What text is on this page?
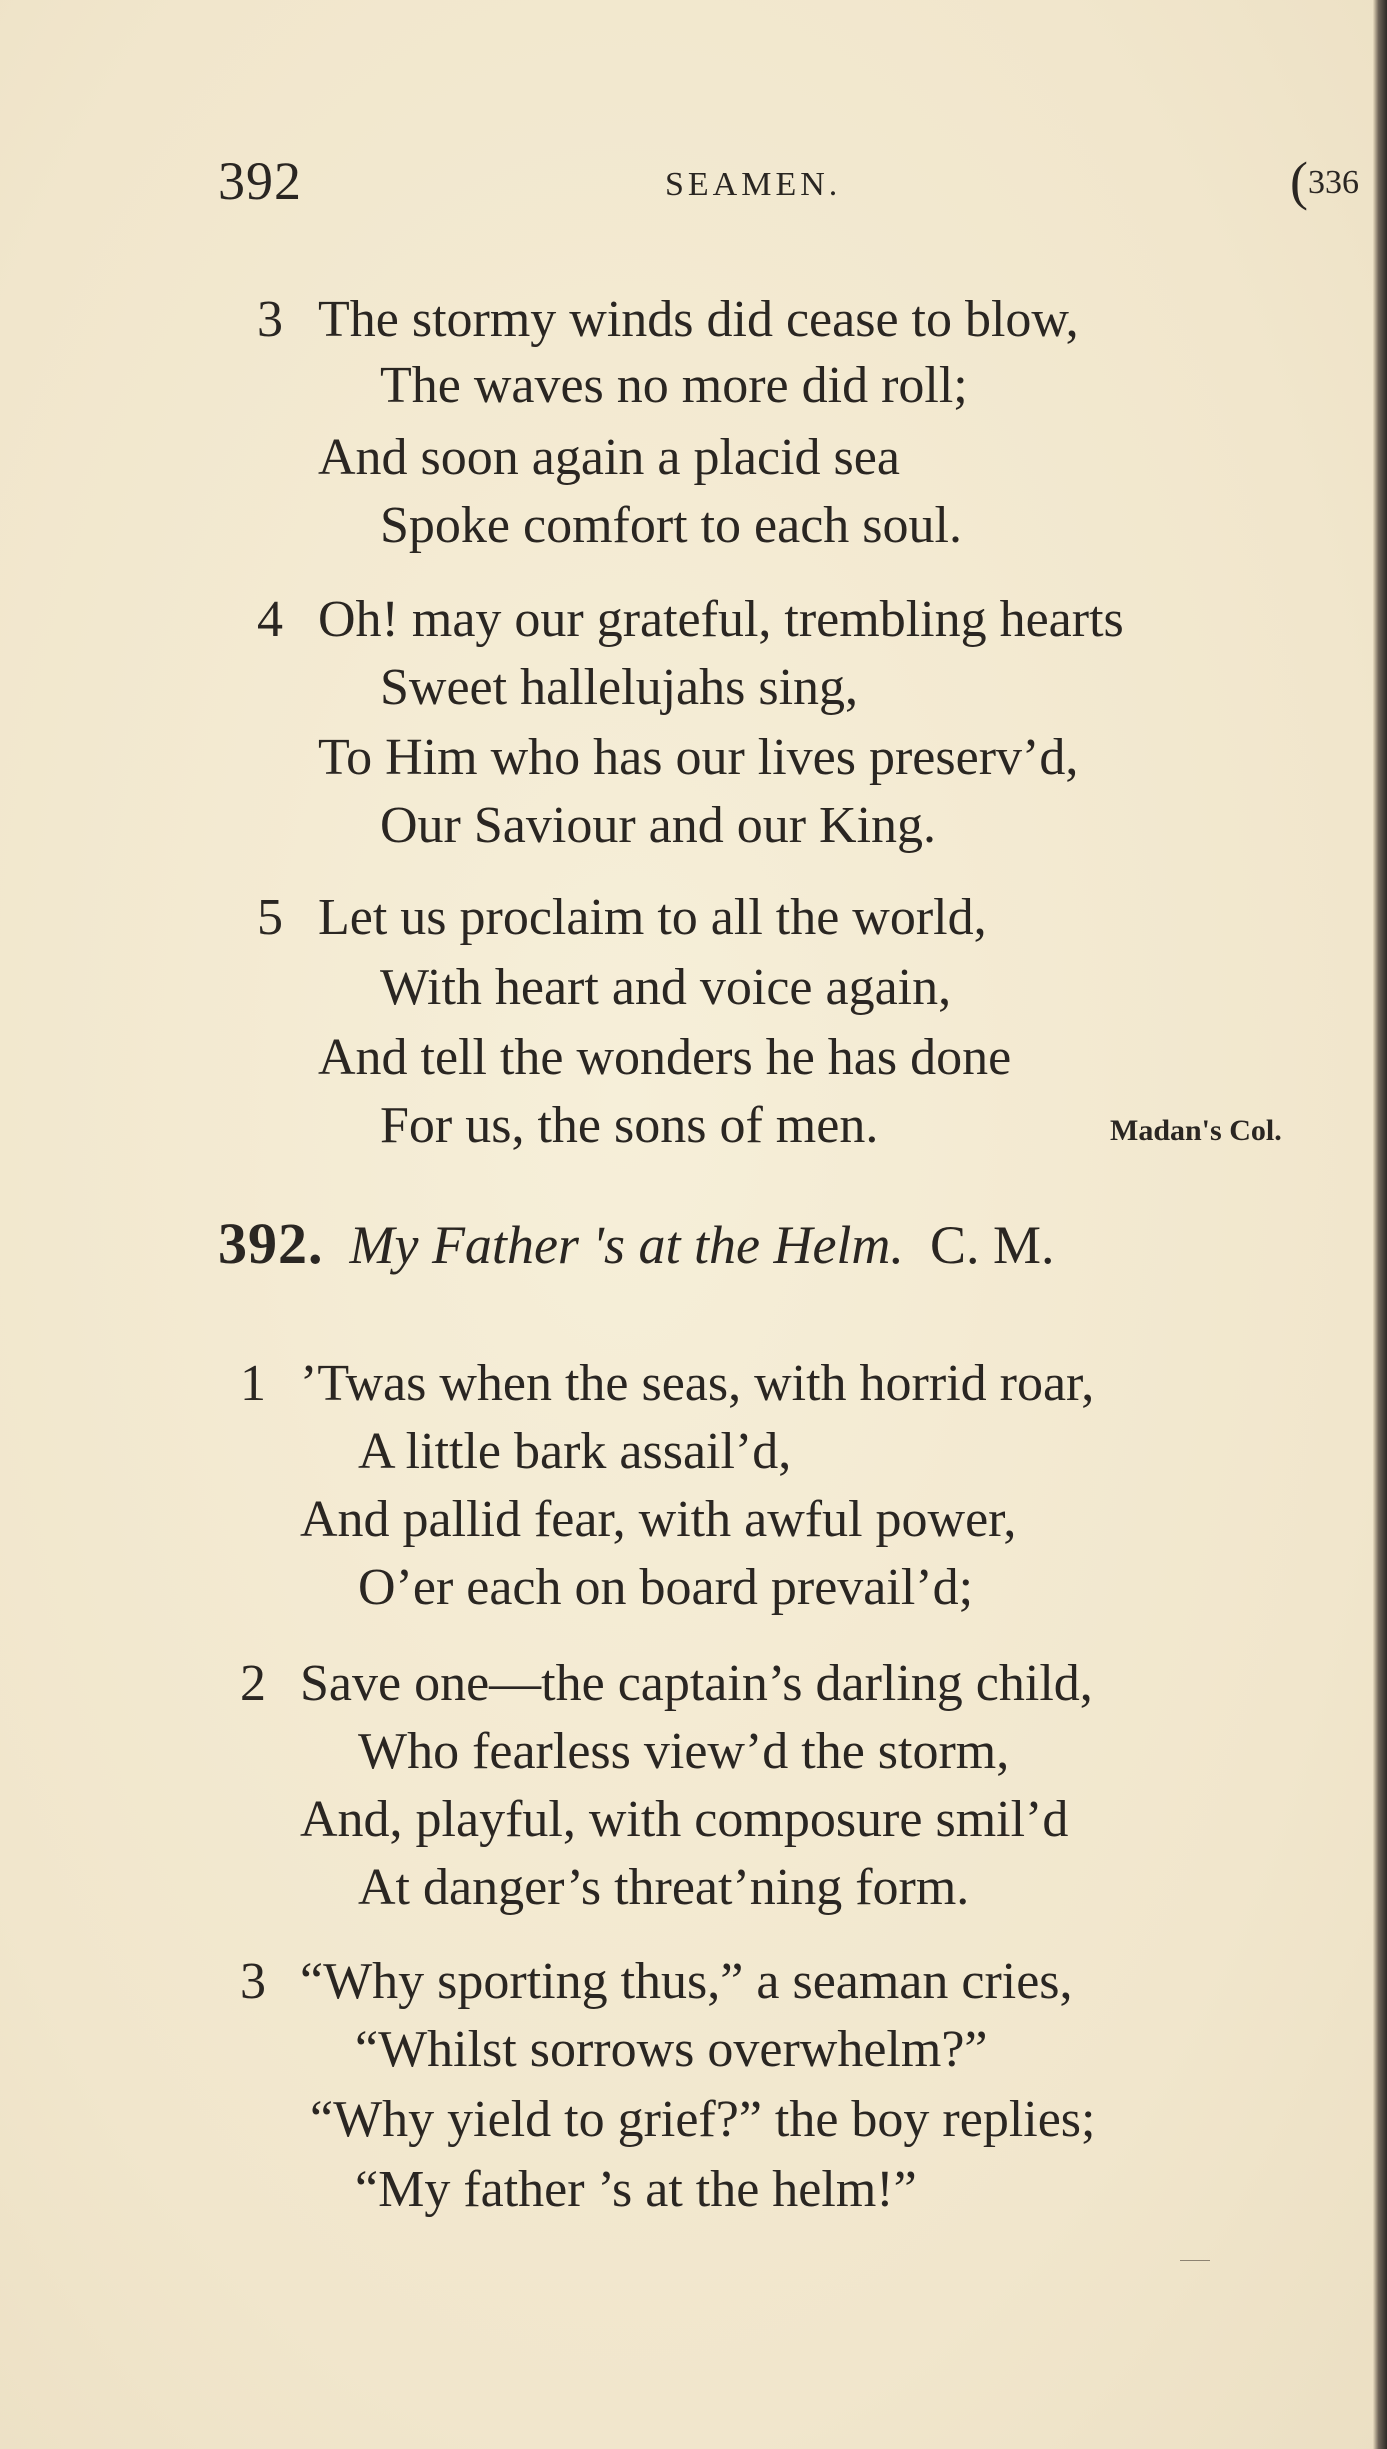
392	SEAMEN.	(336
3 The stormy winds did cease to blow,
The waves no more did roll;
And soon again a placid sea
Spoke comfort to each soul.
4 Oh! may our grateful, trembling hearts
Sweet hallelujahs sing,
To Him who has our lives preserv’d,
Our Saviour and our King.
5 Let us proclaim to all the world,
With heart and voice again,
And tell the wonders he has done
For us, the sons of men.	Madan's Col.
392. My Father 's at the Helm. C. M.
1 ’Twas when the seas, with horrid roar,
A little bark assail’d,
And pallid fear, with awful power,
O’er each on board prevail’d;
2 Save one—the captain’s darling child,
Who fearless view’d the storm,
And, playful, with composure smil’d
At danger’s threat’ning form.
3 “Why sporting thus,” a seaman cries,
“Whilst sorrows overwhelm?”
“Why yield to grief?” the boy replies;
“My father ’s at the helm!”
